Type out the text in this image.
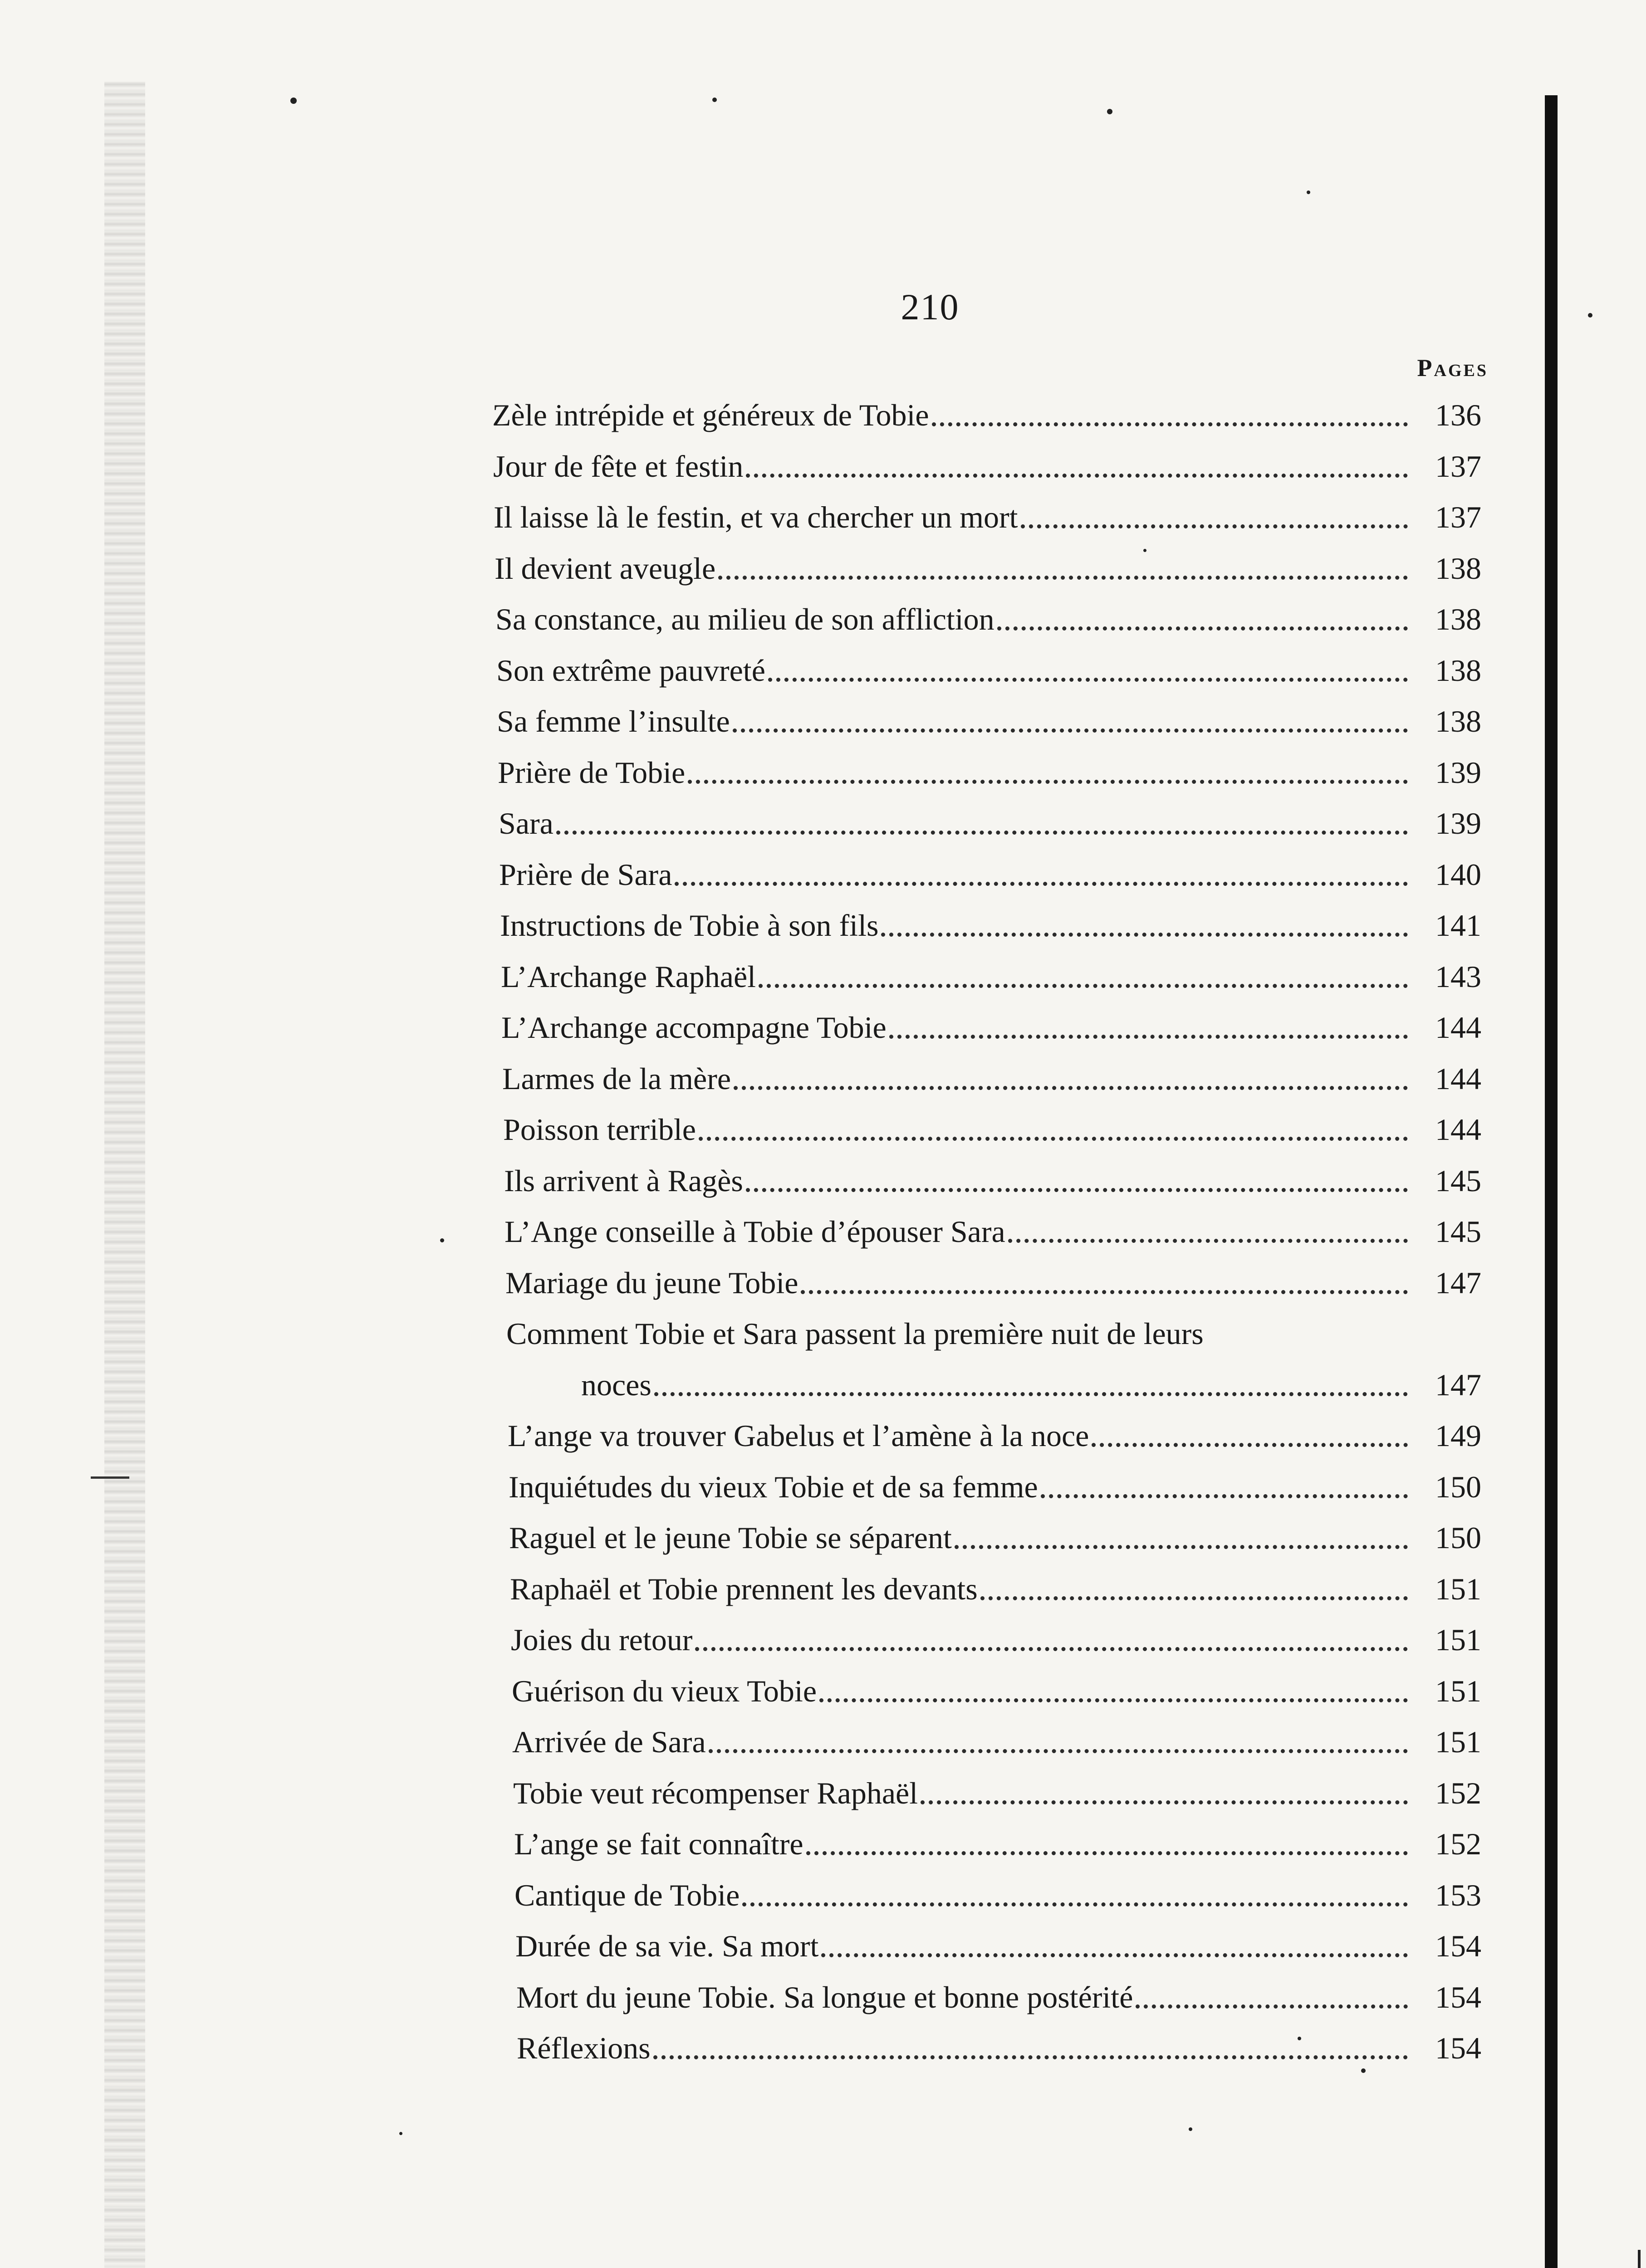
210
Pages
Zèle intrépide et généreux de Tobie	136
Jour de fête et festin	137
Il laisse là le festin, et va chercher un mort	137
Il devient aveugle	138
Sa constance, au milieu de son affliction	138
Son extrême pauvreté	138
Sa femme l’insulte	138
Prière de Tobie	139
Sara	139
Prière de Sara	140
Instructions de Tobie à son fils	141
L’Archange Raphaël	143
L’Archange accompagne Tobie	144
Larmes de la mère	144
Poisson terrible	144
Ils arrivent à Ragès	145
L’Ange conseille à Tobie d’épouser Sara	145
Mariage du jeune Tobie	147
Comment Tobie et Sara passent la première nuit de leurs
noces	147
L’ange va trouver Gabelus et l’amène à la noce	149
Inquiétudes du vieux Tobie et de sa femme	150
Raguel et le jeune Tobie se séparent	150
Raphaël et Tobie prennent les devants	151
Joies du retour	151
Guérison du vieux Tobie	151
Arrivée de Sara	151
Tobie veut récompenser Raphaël	152
L’ange se fait connaître	152
Cantique de Tobie	153
Durée de sa vie. Sa mort	154
Mort du jeune Tobie. Sa longue et bonne postérité	154
Réflexions	154
